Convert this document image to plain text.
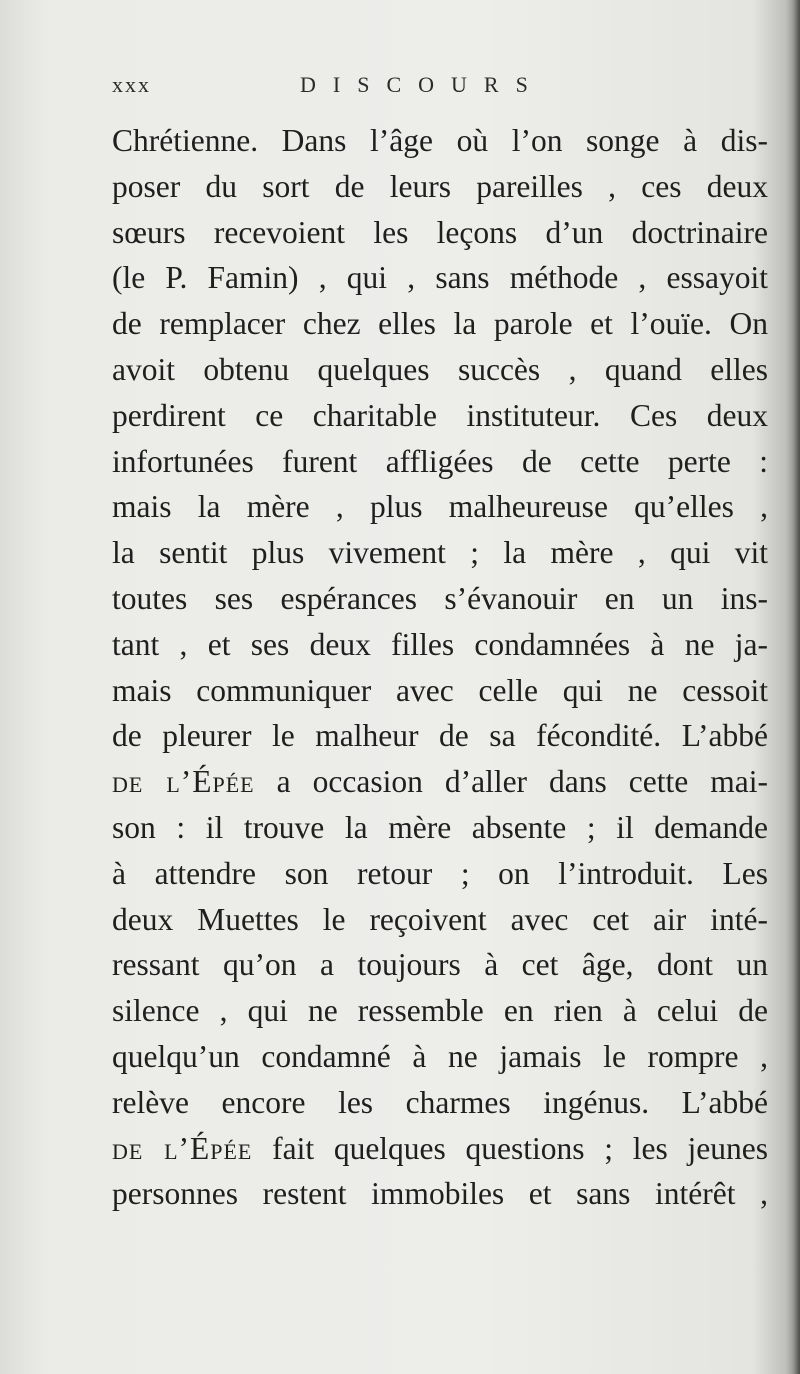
xxx	DISCOURS
Chrétienne. Dans l’âge où l’on songe à dis-
poser du sort de leurs pareilles , ces deux
sœurs recevoient les leçons d’un doctrinaire
(le P. Famin) , qui , sans méthode , essayoit
de remplacer chez elles la parole et l’ouïe. On
avoit obtenu quelques succès , quand elles
perdirent ce charitable instituteur. Ces deux
infortunées furent affligées de cette perte :
mais la mère , plus malheureuse qu’elles ,
la sentit plus vivement ; la mère , qui vit
toutes ses espérances s’évanouir en un ins-
tant , et ses deux filles condamnées à ne ja-
mais communiquer avec celle qui ne cessoit
de pleurer le malheur de sa fécondité. L’abbé
de l’Épée a occasion d’aller dans cette mai-
son : il trouve la mère absente ; il demande
à attendre son retour ; on l’introduit. Les
deux Muettes le reçoivent avec cet air inté-
ressant qu’on a toujours à cet âge, dont un
silence , qui ne ressemble en rien à celui de
quelqu’un condamné à ne jamais le rompre ,
relève encore les charmes ingénus. L’abbé
de l’Épée fait quelques questions ; les jeunes
personnes restent immobiles et sans intérêt ,
